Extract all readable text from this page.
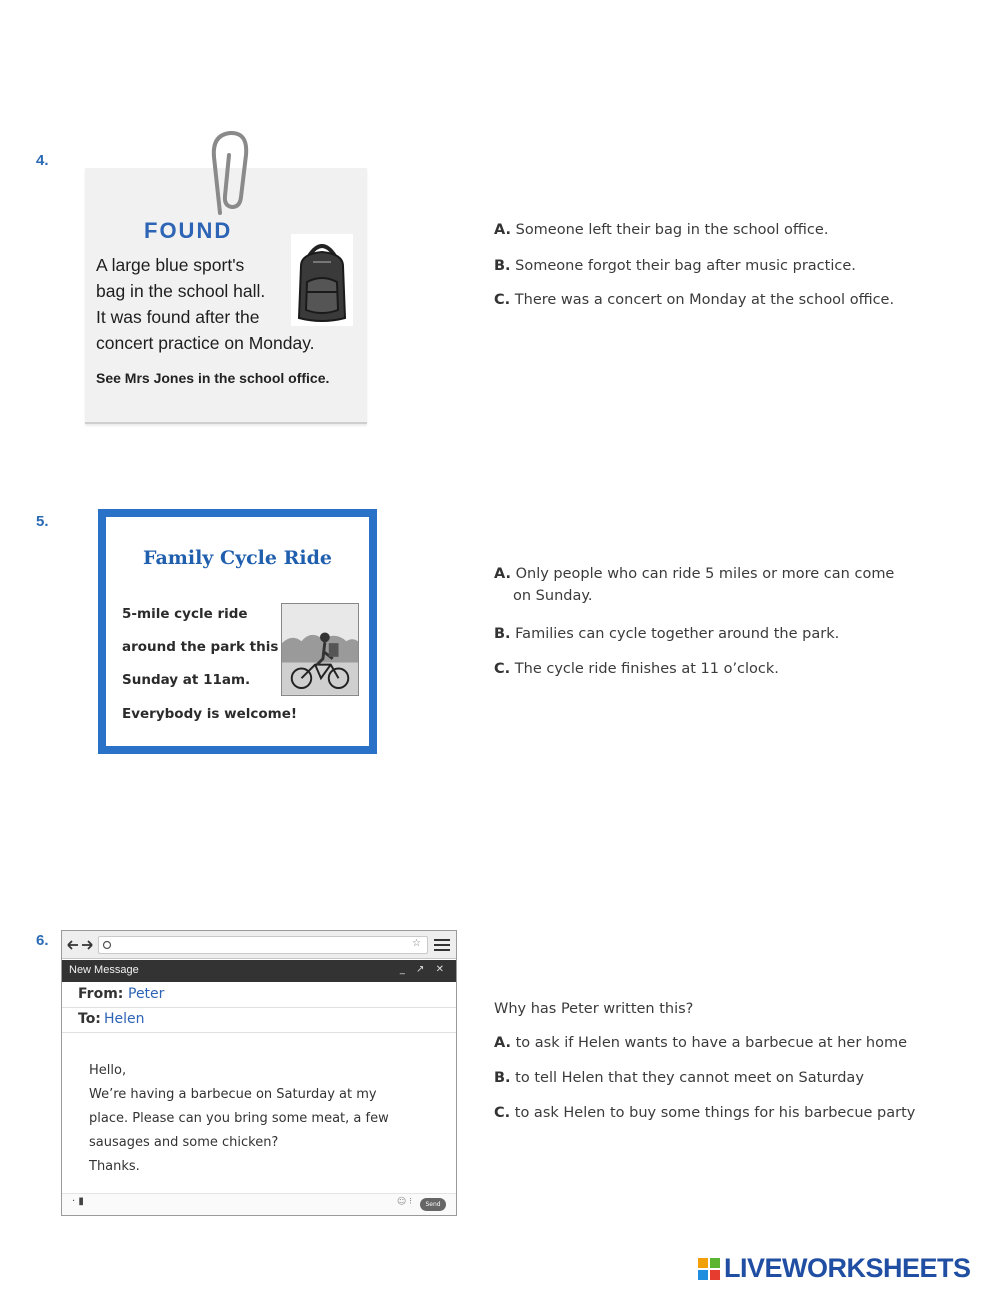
4.
FOUND
A large blue sport's
bag in the school hall.
It was found after the
concert practice on Monday.
See Mrs Jones in the school office.
A. Someone left their bag in the school office.
B. Someone forgot their bag after music practice.
C. There was a concert on Monday at the school office.
5.
Family Cycle Ride
5-mile cycle ride
around the park this
Sunday at 11am.
Everybody is welcome!
A. Only people who can ride 5 miles or more can come
on Sunday.
B. Families can cycle together around the park.
C. The cycle ride finishes at 11 o’clock.
6.	☆
New Message	_ ↗ ✕
From: Peter
To: Helen
Hello,
We’re having a barbecue on Saturday at my
place. Please can you bring some meat, a few
sausages and some chicken?
Thanks.
· ▮	☺ ⁝	Send
Why has Peter written this?
A. to ask if Helen wants to have a barbecue at her home
B. to tell Helen that they cannot meet on Saturday
C. to ask Helen to buy some things for his barbecue party
LIVEWORKSHEETS
